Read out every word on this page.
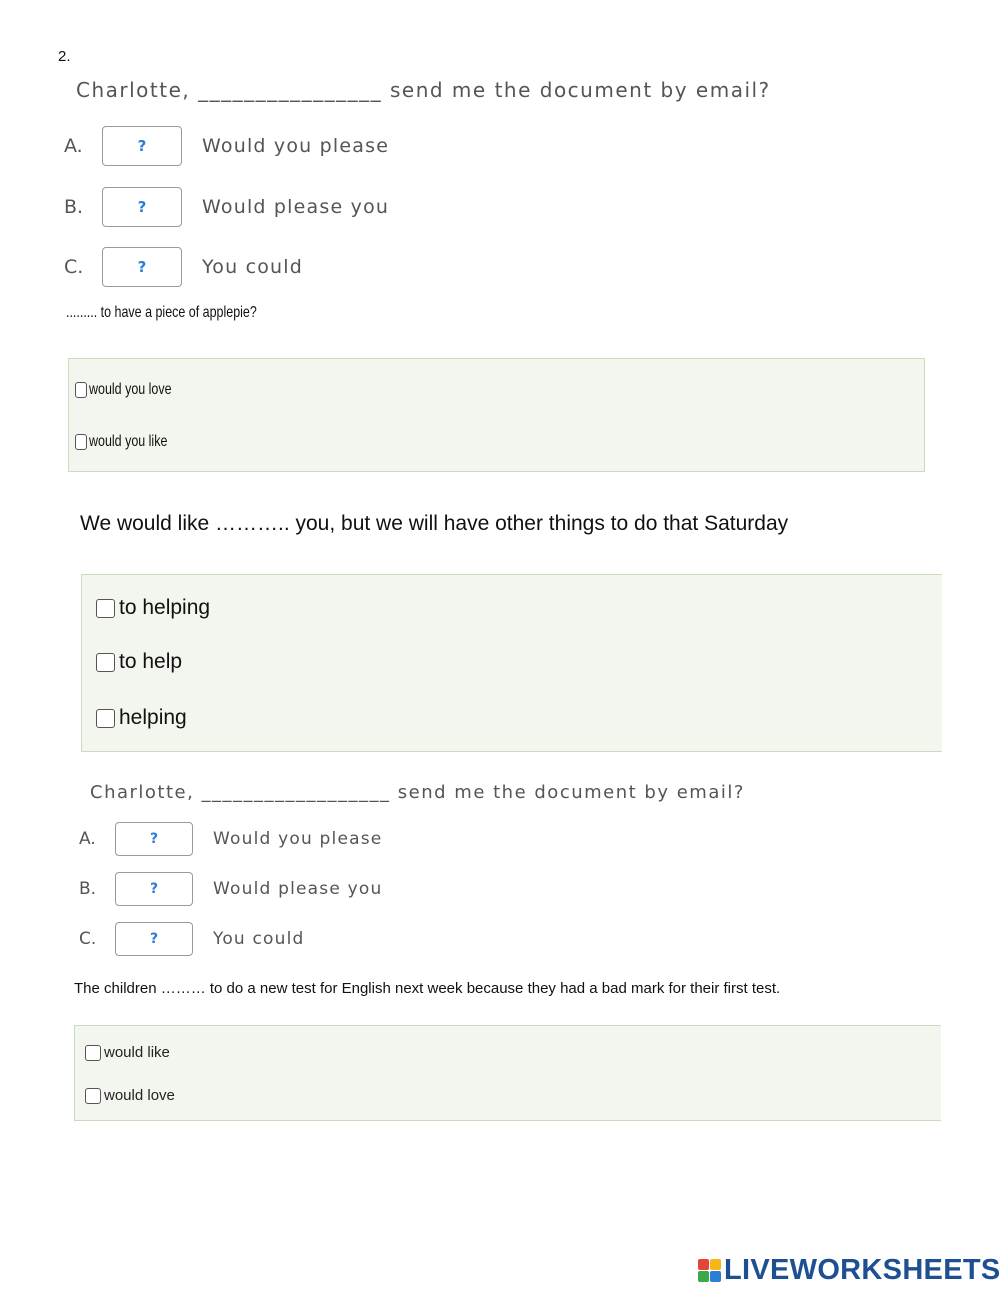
2.
Charlotte, ________________ send me the document by email?
A.	?	Would you please
B.	?	Would please you
C.	?	You could
......... to have a piece of applepie?
would you love
would you like
We would like ……….. you, but we will have other things to do that Saturday
to helping
to help
helping
Charlotte, __________________ send me the document by email?
A.	?	Would you please
B.	?	Would please you
C.	?	You could
The children ……… to do a new test for English next week because they had a bad mark for their first test.
would like
would love
LIVEWORKSHEETS
